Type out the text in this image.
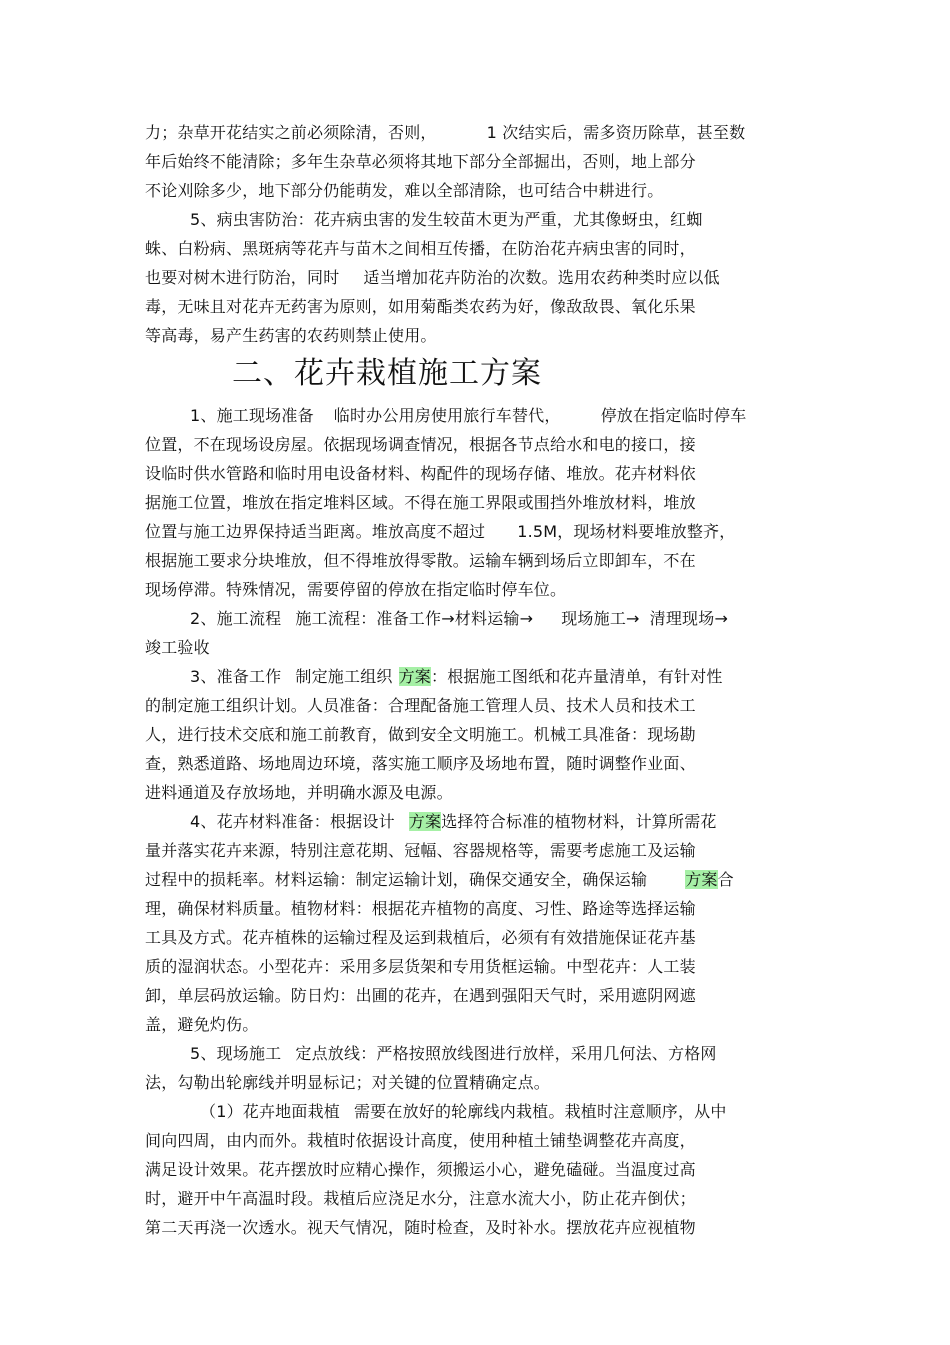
力；杂草开花结实之前必须除清，否则，	1 次结实后，需多资历除草，甚至数
年后始终不能清除；多年生杂草必须将其地下部分全部掘出，否则，地上部分
不论刈除多少，地下部分仍能萌发，难以全部清除，也可结合中耕进行。
5、病虫害防治：花卉病虫害的发生较苗木更为严重，尤其像蚜虫，红蜘
蛛、白粉病、黑斑病等花卉与苗木之间相互传播，在防治花卉病虫害的同时，
也要对树木进行防治，同时 适当增加花卉防治的次数。选用农药种类时应以低
毒，无味且对花卉无药害为原则，如用菊酯类农药为好，像敌敌畏、氧化乐果
等高毒，易产生药害的农药则禁止使用。
二、花卉栽植施工方案
1、施工现场准备 临时办公用房使用旅行车替代，	停放在指定临时停车
位置，不在现场设房屋。依据现场调查情况，根据各节点给水和电的接口，接
设临时供水管路和临时用电设备材料、构配件的现场存储、堆放。花卉材料依
据施工位置，堆放在指定堆料区域。不得在施工界限或围挡外堆放材料，堆放
位置与施工边界保持适当距离。堆放高度不超过 1.5M，现场材料要堆放整齐，
根据施工要求分块堆放，但不得堆放得零散。运输车辆到场后立即卸车，不在
现场停滞。特殊情况，需要停留的停放在指定临时停车位。
2、施工流程 施工流程：准备工作→材料运输→ 现场施工→ 清理现场→
竣工验收
3、准备工作 制定施工组织 方案：根据施工图纸和花卉量清单，有针对性
的制定施工组织计划。人员准备：合理配备施工管理人员、技术人员和技术工
人，进行技术交底和施工前教育，做到安全文明施工。机械工具准备：现场勘
查，熟悉道路、场地周边环境，落实施工顺序及场地布置，随时调整作业面、
进料通道及存放场地，并明确水源及电源。
4、花卉材料准备：根据设计 方案选择符合标准的植物材料，计算所需花
量并落实花卉来源，特别注意花期、冠幅、容器规格等，需要考虑施工及运输
过程中的损耗率。材料运输：制定运输计划，确保交通安全，确保运输 方案合
理，确保材料质量。植物材料：根据花卉植物的高度、习性、路途等选择运输
工具及方式。花卉植株的运输过程及运到栽植后，必须有有效措施保证花卉基
质的湿润状态。小型花卉：采用多层货架和专用货框运输。中型花卉：人工装
卸，单层码放运输。防日灼：出圃的花卉，在遇到强阳天气时，采用遮阴网遮
盖，避免灼伤。
5、现场施工 定点放线：严格按照放线图进行放样，采用几何法、方格网
法，勾勒出轮廓线并明显标记；对关键的位置精确定点。
（1）花卉地面栽植 需要在放好的轮廓线内栽植。栽植时注意顺序，从中
间向四周，由内而外。栽植时依据设计高度，使用种植土铺垫调整花卉高度，
满足设计效果。花卉摆放时应精心操作，须搬运小心，避免磕碰。当温度过高
时，避开中午高温时段。栽植后应浇足水分，注意水流大小，防止花卉倒伏；
第二天再浇一次透水。视天气情况，随时检查，及时补水。摆放花卉应视植物
